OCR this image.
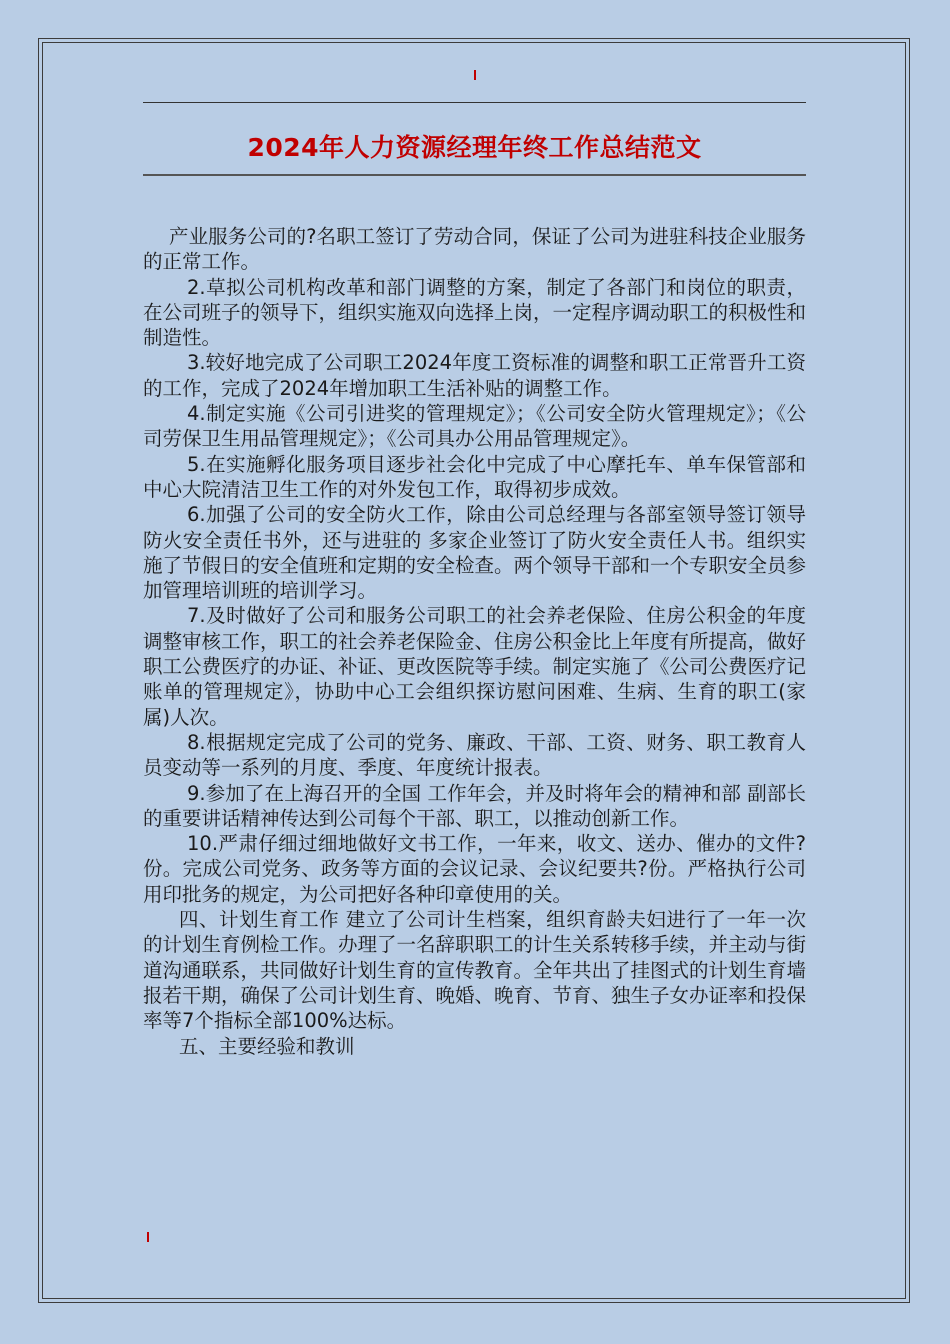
2024年人力资源经理年终工作总结范文

产业服务公司的?名职工签订了劳动合同，保证了公司为进驻科技企业服务的正常工作。

2.草拟公司机构改革和部门调整的方案，制定了各部门和岗位的职责，在公司班子的领导下，组织实施双向选择上岗，一定程序调动职工的积极性和制造性。

3.较好地完成了公司职工2024年度工资标准的调整和职工正常晋升工资的工作，完成了2024年增加职工生活补贴的调整工作。

4.制定实施《公司引进奖的管理规定》；《公司安全防火管理规定》；《公司劳保卫生用品管理规定》；《公司具办公用品管理规定》。

5.在实施孵化服务项目逐步社会化中完成了中心摩托车、单车保管部和中心大院清洁卫生工作的对外发包工作，取得初步成效。

6.加强了公司的安全防火工作，除由公司总经理与各部室领导签订领导防火安全责任书外，还与进驻的 多家企业签订了防火安全责任人书。组织实施了节假日的安全值班和定期的安全检查。两个领导干部和一个专职安全员参加管理培训班的培训学习。

7.及时做好了公司和服务公司职工的社会养老保险、住房公积金的年度调整审核工作，职工的社会养老保险金、住房公积金比上年度有所提高，做好职工公费医疗的办证、补证、更改医院等手续。制定实施了《公司公费医疗记账单的管理规定》，协助中心工会组织探访慰问困难、生病、生育的职工(家属)人次。

8.根据规定完成了公司的党务、廉政、干部、工资、财务、职工教育人员变动等一系列的月度、季度、年度统计报表。

9.参加了在上海召开的全国 工作年会，并及时将年会的精神和部 副部长的重要讲话精神传达到公司每个干部、职工，以推动创新工作。

10.严肃仔细过细地做好文书工作，一年来，收文、送办、催办的文件?份。完成公司党务、政务等方面的会议记录、会议纪要共?份。严格执行公司用印批务的规定，为公司把好各种印章使用的关。

四、计划生育工作 建立了公司计生档案，组织育龄夫妇进行了一年一次的计划生育例检工作。办理了一名辞职职工的计生关系转移手续，并主动与街道沟通联系，共同做好计划生育的宣传教育。全年共出了挂图式的计划生育墙报若干期，确保了公司计划生育、晚婚、晚育、节育、独生子女办证率和投保率等7个指标全部100%达标。

五、主要经验和教训
